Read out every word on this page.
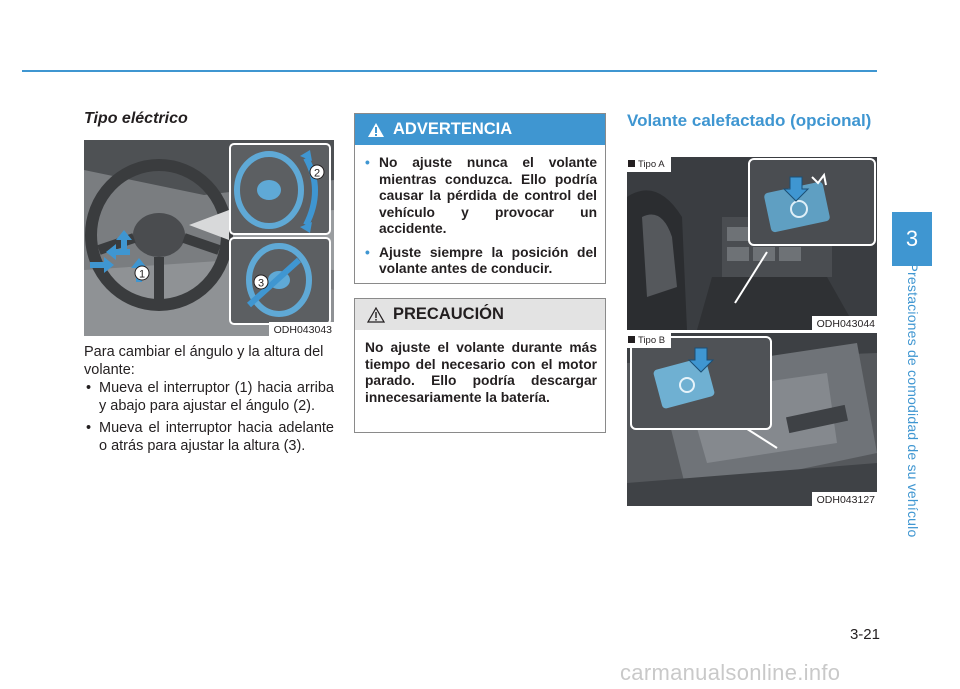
3
Prestaciones de comodidad de su vehículo
Tipo eléctrico
1
2
3
ODH043043
Para cambiar el ángulo y la altura del volante:
• Mueva el interruptor (1) hacia arriba y abajo para ajustar el ángulo (2).
• Mueva el interruptor hacia adelante o atrás para ajustar la altura (3).
ADVERTENCIA
• No ajuste nunca el volante mientras conduzca. Ello podría causar la pérdida de control del vehículo y provocar un accidente.
• Ajuste siempre la posición del volante antes de conducir.
PRECAUCIÓN
No ajuste el volante durante más tiempo del necesario con el motor parado. Ello podría descargar innecesariamente la batería.
Volante calefactado (opcional)
Tipo A
ODH043044
Tipo B
ODH043127
3-21
carmanualsonline.info
